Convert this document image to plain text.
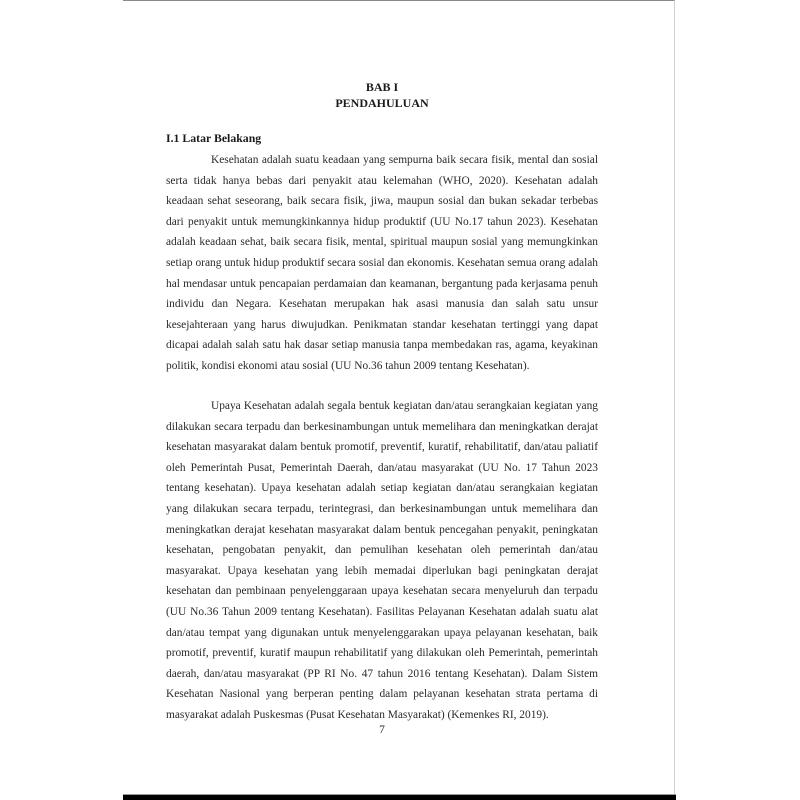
BAB I
PENDAHULUAN
I.1 Latar Belakang

Kesehatan adalah suatu keadaan yang sempurna baik secara fisik, mental dan sosial serta tidak hanya bebas dari penyakit atau kelemahan (WHO, 2020). Kesehatan adalah keadaan sehat seseorang, baik secara fisik, jiwa, maupun sosial dan bukan sekadar terbebas dari penyakit untuk memungkinkannya hidup produktif (UU No.17 tahun 2023). Kesehatan adalah keadaan sehat, baik secara fisik, mental, spiritual maupun sosial yang memungkinkan setiap orang untuk hidup produktif secara sosial dan ekonomis. Kesehatan semua orang adalah hal mendasar untuk pencapaian perdamaian dan keamanan, bergantung pada kerjasama penuh individu dan Negara. Kesehatan merupakan hak asasi manusia dan salah satu unsur kesejahteraan yang harus diwujudkan. Penikmatan standar kesehatan tertinggi yang dapat dicapai adalah salah satu hak dasar setiap manusia tanpa membedakan ras, agama, keyakinan politik, kondisi ekonomi atau sosial (UU No.36 tahun 2009 tentang Kesehatan).

Upaya Kesehatan adalah segala bentuk kegiatan dan/atau serangkaian kegiatan yang dilakukan secara terpadu dan berkesinambungan untuk memelihara dan meningkatkan derajat kesehatan masyarakat dalam bentuk promotif, preventif, kuratif, rehabilitatif, dan/atau paliatif oleh Pemerintah Pusat, Pemerintah Daerah, dan/atau masyarakat (UU No. 17 Tahun 2023 tentang kesehatan). Upaya kesehatan adalah setiap kegiatan dan/atau serangkaian kegiatan yang dilakukan secara terpadu, terintegrasi, dan berkesinambungan untuk memelihara dan meningkatkan derajat kesehatan masyarakat dalam bentuk pencegahan penyakit, peningkatan kesehatan, pengobatan penyakit, dan pemulihan kesehatan oleh pemerintah dan/atau masyarakat. Upaya kesehatan yang lebih memadai diperlukan bagi peningkatan derajat kesehatan dan pembinaan penyelenggaraan upaya kesehatan secara menyeluruh dan terpadu (UU No.36 Tahun 2009 tentang Kesehatan). Fasilitas Pelayanan Kesehatan adalah suatu alat dan/atau tempat yang digunakan untuk menyelenggarakan upaya pelayanan kesehatan, baik promotif, preventif, kuratif maupun rehabilitatif yang dilakukan oleh Pemerintah, pemerintah daerah, dan/atau masyarakat (PP RI No. 47 tahun 2016 tentang Kesehatan). Dalam Sistem Kesehatan Nasional yang berperan penting dalam pelayanan kesehatan strata pertama di masyarakat adalah Puskesmas (Pusat Kesehatan Masyarakat) (Kemenkes RI, 2019).

7
